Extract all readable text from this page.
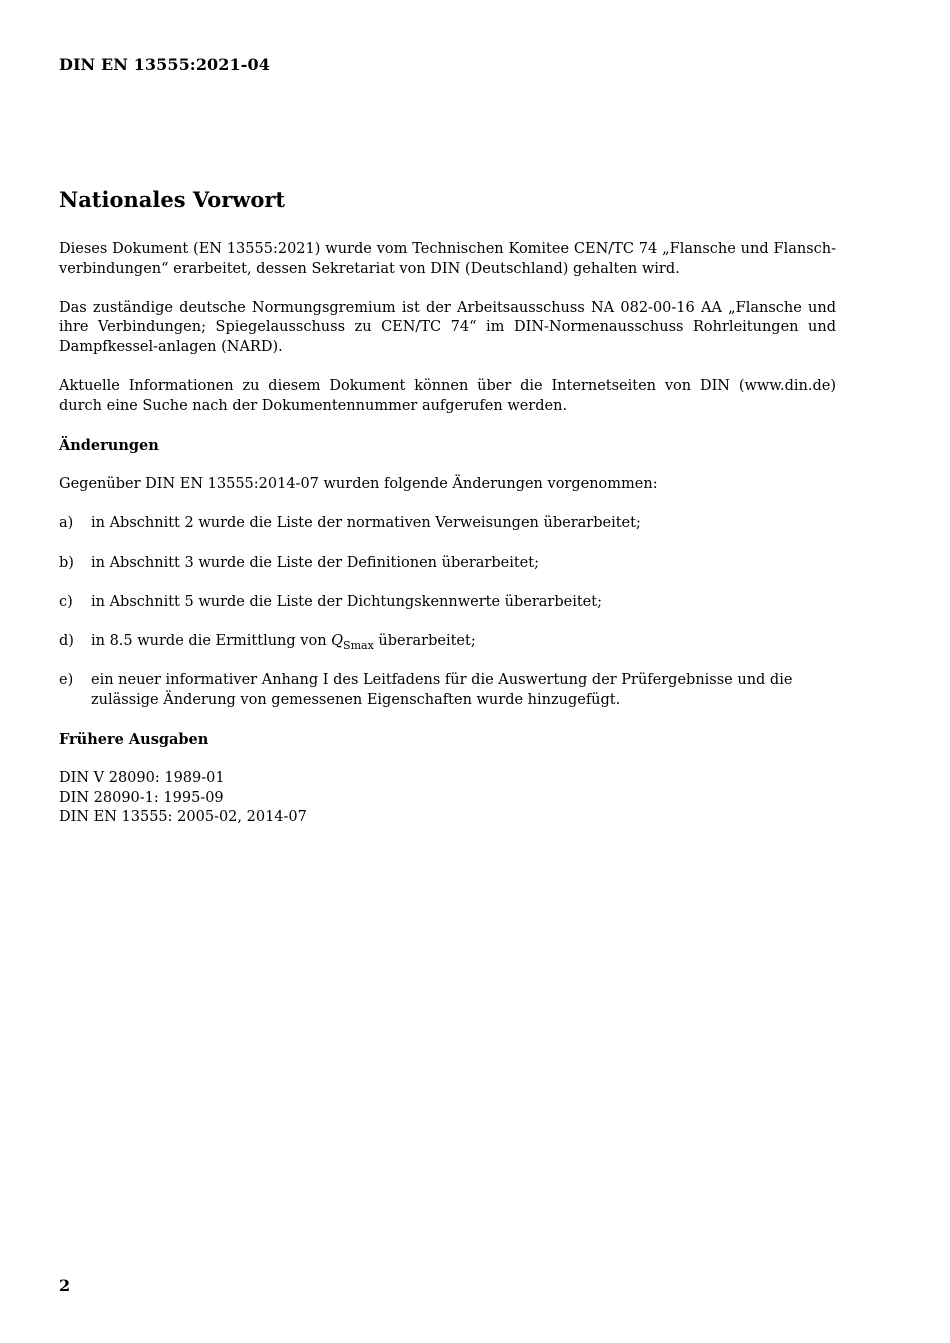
DIN EN 13555:2021-04
Nationales Vorwort

Dieses Dokument (EN 13555:2021) wurde vom Technischen Komitee CEN/TC 74 „Flansche und Flansch-verbindungen“ erarbeitet, dessen Sekretariat von DIN (Deutschland) gehalten wird.

Das zuständige deutsche Normungsgremium ist der Arbeitsausschuss NA 082-00-16 AA „Flansche und ihre Verbindungen; Spiegelausschuss zu CEN/TC 74“ im DIN-Normenausschuss Rohrleitungen und Dampfkessel-anlagen (NARD).

Aktuelle Informationen zu diesem Dokument können über die Internetseiten von DIN (www.din.de) durch eine Suche nach der Dokumentennummer aufgerufen werden.

Änderungen

Gegenüber DIN EN 13555:2014-07 wurden folgende Änderungen vorgenommen:

a) in Abschnitt 2 wurde die Liste der normativen Verweisungen überarbeitet;
b) in Abschnitt 3 wurde die Liste der Definitionen überarbeitet;
c) in Abschnitt 5 wurde die Liste der Dichtungskennwerte überarbeitet;
d) in 8.5 wurde die Ermittlung von $Q_{Smax}$ überarbeitet;
e) ein neuer informativer Anhang I des Leitfadens für die Auswertung der Prüfergebnisse und die zulässige Änderung von gemessenen Eigenschaften wurde hinzugefügt.
Frühere Ausgaben
DIN V 28090: 1989-01
DIN 28090-1: 1995-09
DIN EN 13555: 2005-02, 2014-07
2
